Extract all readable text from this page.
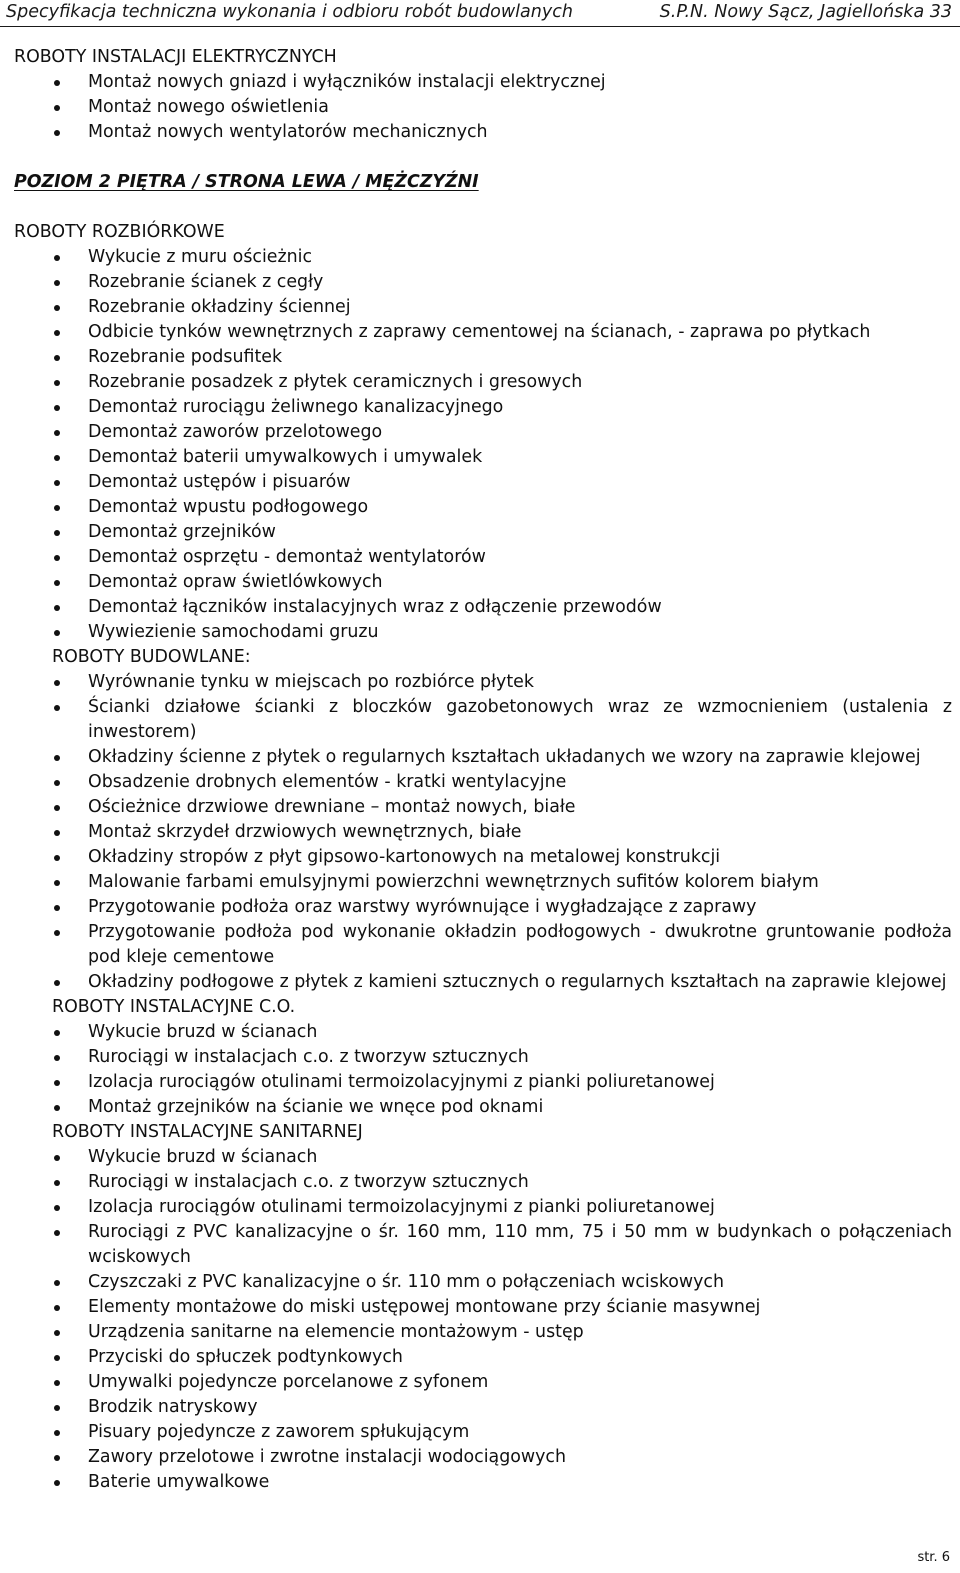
Specyfikacja techniczna wykonania i odbioru robót budowlanych	S.P.N. Nowy Sącz, Jagiellońska 33

ROBOTY INSTALACJI ELEKTRYCZNYCH

Montaż nowych gniazd i wyłączników instalacji elektrycznej
Montaż nowego oświetlenia
Montaż nowych wentylatorów mechanicznych

POZIOM 2 PIĘTRA / STRONA LEWA / MĘŻCZYŹNI

ROBOTY ROZBIÓRKOWE

Wykucie z muru ościeżnic
Rozebranie ścianek z cegły
Rozebranie okładziny ściennej
Odbicie tynków wewnętrznych z zaprawy cementowej na ścianach, - zaprawa po płytkach
Rozebranie podsufitek
Rozebranie posadzek z płytek ceramicznych i gresowych
Demontaż rurociągu żeliwnego kanalizacyjnego
Demontaż zaworów przelotowego
Demontaż baterii umywalkowych i umywalek
Demontaż ustępów i pisuarów
Demontaż wpustu podłogowego
Demontaż grzejników
Demontaż osprzętu - demontaż wentylatorów
Demontaż opraw świetlówkowych
Demontaż łączników instalacyjnych wraz z odłączenie przewodów
Wywiezienie samochodami gruzu

ROBOTY BUDOWLANE:

Wyrównanie tynku w miejscach po rozbiórce płytek
Ścianki działowe ścianki z bloczków gazobetonowych wraz ze wzmocnieniem (ustalenia z inwestorem)
Okładziny ścienne z płytek o regularnych kształtach układanych we wzory na zaprawie klejowej
Obsadzenie drobnych elementów - kratki wentylacyjne
Ościeżnice drzwiowe drewniane – montaż nowych, białe
Montaż skrzydeł drzwiowych wewnętrznych, białe
Okładziny stropów z płyt gipsowo-kartonowych na metalowej konstrukcji
Malowanie farbami emulsyjnymi powierzchni wewnętrznych sufitów kolorem białym
Przygotowanie podłoża oraz warstwy wyrównujące i wygładzające z zaprawy
Przygotowanie podłoża pod wykonanie okładzin podłogowych - dwukrotne gruntowanie podłoża pod kleje cementowe
Okładziny podłogowe z płytek z kamieni sztucznych o regularnych kształtach na zaprawie klejowej

ROBOTY INSTALACYJNE C.O.

Wykucie bruzd w ścianach
Rurociągi w instalacjach c.o. z tworzyw sztucznych
Izolacja rurociągów otulinami termoizolacyjnymi z pianki poliuretanowej
Montaż grzejników na ścianie we wnęce pod oknami

ROBOTY INSTALACYJNE SANITARNEJ

Wykucie bruzd w ścianach
Rurociągi w instalacjach c.o. z tworzyw sztucznych
Izolacja rurociągów otulinami termoizolacyjnymi z pianki poliuretanowej
Rurociągi z PVC kanalizacyjne o śr. 160 mm, 110 mm, 75 i 50 mm w budynkach o połączeniach wciskowych
Czyszczaki z PVC kanalizacyjne o śr. 110 mm o połączeniach wciskowych
Elementy montażowe do miski ustępowej montowane przy ścianie masywnej
Urządzenia sanitarne na elemencie montażowym - ustęp
Przyciski do spłuczek podtynkowych
Umywalki pojedyncze porcelanowe z syfonem
Brodzik natryskowy
Pisuary pojedyncze z zaworem spłukującym
Zawory przelotowe i zwrotne instalacji wodociągowych
Baterie umywalkowe
str. 6
